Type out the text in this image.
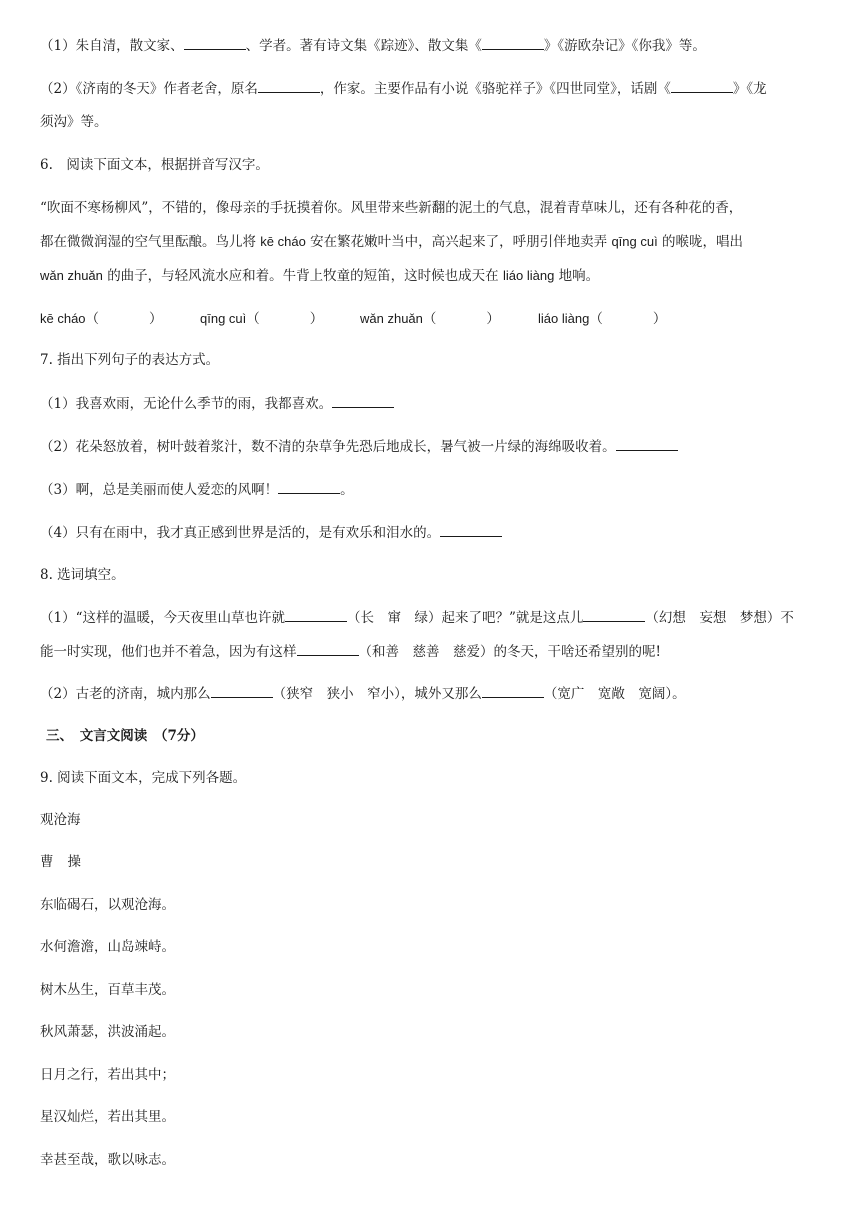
（1）朱自清，散文家、	、学者。著有诗文集《踪迹》、散文集《	》《游欧杂记》《你我》等。
（2）《济南的冬天》作者老舍，原名	，作家。主要作品有小说《骆驼祥子》《四世同堂》，话剧《	》《龙
须沟》等。
6.　阅读下面文本，根据拼音写汉字。
“吹面不寒杨柳风”，不错的，像母亲的手抚摸着你。风里带来些新翻的泥土的气息，混着青草味儿，还有各种花的香，
都在微微润湿的空气里酝酿。鸟儿将 kē cháo 安在繁花嫩叶当中，高兴起来了，呼朋引伴地卖弄 qīng cuì 的喉咙，唱出
wǎn zhuǎn 的曲子，与轻风流水应和着。牛背上牧童的短笛，这时候也成天在 liáo liàng 地响。
kē cháo（	）	qīng cuì（	）	wǎn zhuǎn（	）	liáo liàng（	）
7. 指出下列句子的表达方式。
（1）我喜欢雨，无论什么季节的雨，我都喜欢。
（2）花朵怒放着，树叶鼓着浆汁，数不清的杂草争先恐后地成长，暑气被一片绿的海绵吸收着。
（3）啊，总是美丽而使人爱恋的风啊！	。
（4）只有在雨中，我才真正感到世界是活的，是有欢乐和泪水的。
8. 选词填空。
（1）“这样的温暖，今天夜里山草也许就	（长　窜　绿）起来了吧？”就是这点儿	（幻想　妄想　梦想）不
能一时实现，他们也并不着急，因为有这样	（和善　慈善　慈爱）的冬天，干啥还希望别的呢!
（2）古老的济南，城内那么	（狭窄　狭小　窄小），城外又那么	（宽广　宽敞　宽阔）。
三、　文言文阅读　（7分）
9. 阅读下面文本，完成下列各题。
观沧海
曹操
东临碣石，以观沧海。
水何澹澹，山岛竦峙。
树木丛生，百草丰茂。
秋风萧瑟，洪波涌起。
日月之行，若出其中；
星汉灿烂，若出其里。
幸甚至哉，歌以咏志。
